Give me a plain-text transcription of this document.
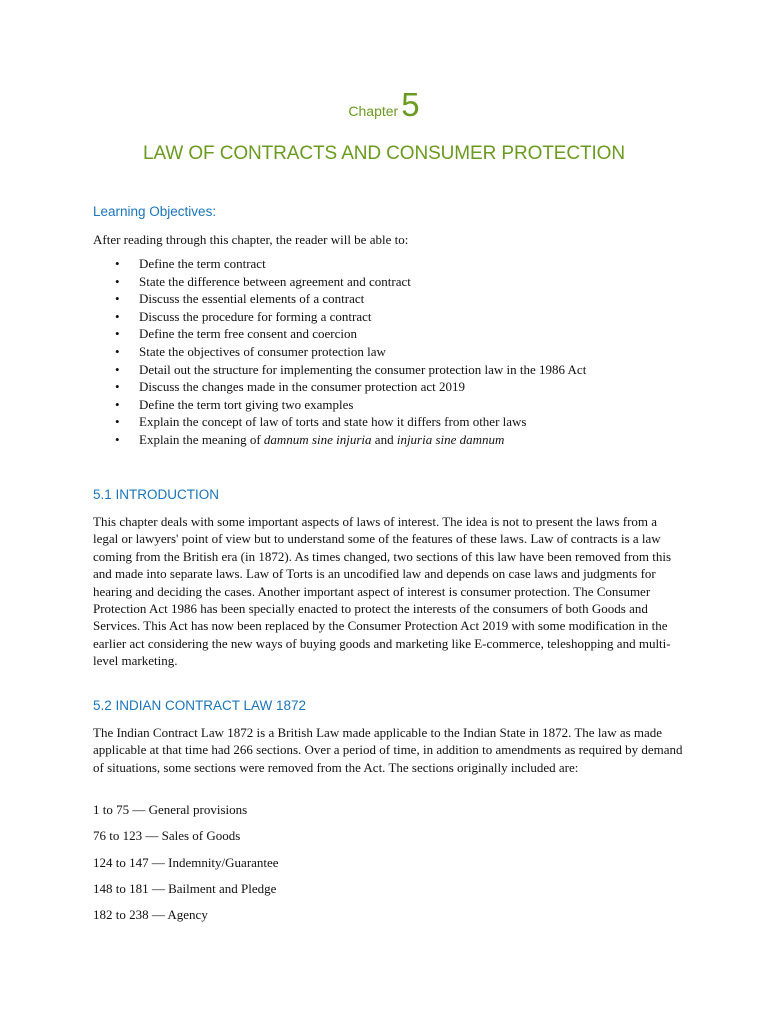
Chapter5
LAW OF CONTRACTS AND CONSUMER PROTECTION
Learning Objectives:

After reading through this chapter, the reader will be able to:

• Define the term contract
• State the difference between agreement and contract
• Discuss the essential elements of a contract
• Discuss the procedure for forming a contract
• Define the term free consent and coercion
• State the objectives of consumer protection law
• Detail out the structure for implementing the consumer protection law in the 1986 Act
• Discuss the changes made in the consumer protection act 2019
• Define the term tort giving two examples
• Explain the concept of law of torts and state how it differs from other laws
• Explain the meaning of damnum sine injuria and injuria sine damnum
5.1 INTRODUCTION

This chapter deals with some important aspects of laws of interest. The idea is not to present the laws from a legal or lawyers' point of view but to understand some of the features of these laws. Law of contracts is a law coming from the British era (in 1872). As times changed, two sections of this law have been removed from this and made into separate laws. Law of Torts is an uncodified law and depends on case laws and judgments for hearing and deciding the cases. Another important aspect of interest is consumer protection. The Consumer Protection Act 1986 has been specially enacted to protect the interests of the consumers of both Goods and Services. This Act has now been replaced by the Consumer Protection Act 2019 with some modification in the earlier act considering the new ways of buying goods and marketing like E-commerce, teleshopping and multi-level marketing.

5.2 INDIAN CONTRACT LAW 1872

The Indian Contract Law 1872 is a British Law made applicable to the Indian State in 1872. The law as made applicable at that time had 266 sections. Over a period of time, in addition to amendments as required by demand of situations, some sections were removed from the Act. The sections originally included are:

1 to 75 — General provisions
76 to 123 — Sales of Goods
124 to 147 — Indemnity/Guarantee
148 to 181 — Bailment and Pledge
182 to 238 — Agency
